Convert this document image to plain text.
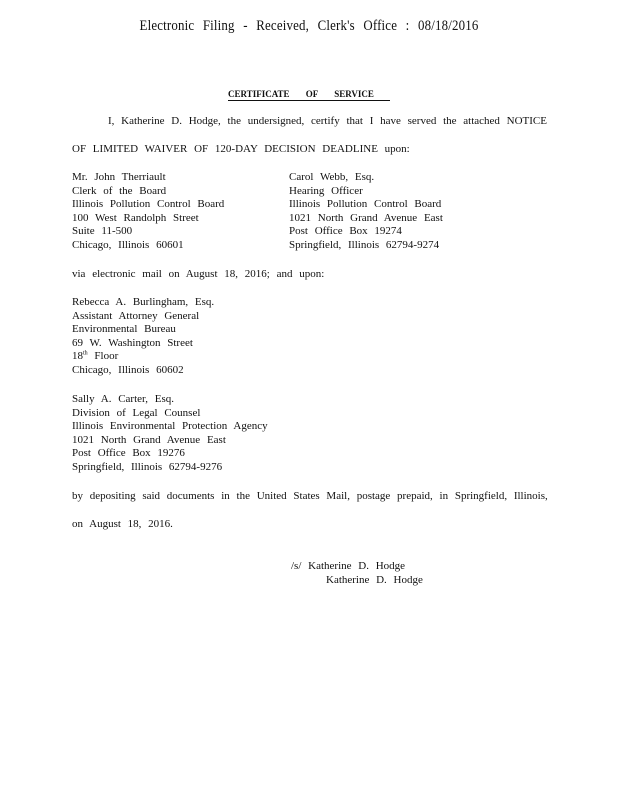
Electronic Filing - Received, Clerk's Office : 08/18/2016
CERTIFICATE OF SERVICE
I, Katherine D. Hodge, the undersigned, certify that I have served the attached NOTICE
OF LIMITED WAIVER OF 120-DAY DECISION DEADLINE upon:
Mr. John Therriault
Clerk of the Board
Illinois Pollution Control Board
100 West Randolph Street
Suite 11-500
Chicago, Illinois 60601
Carol Webb, Esq.
Hearing Officer
Illinois Pollution Control Board
1021 North Grand Avenue East
Post Office Box 19274
Springfield, Illinois 62794-9274
via electronic mail on August 18, 2016; and upon:
Rebecca A. Burlingham, Esq.
Assistant Attorney General
Environmental Bureau
69 W. Washington Street
18th Floor
Chicago, Illinois 60602
Sally A. Carter, Esq.
Division of Legal Counsel
Illinois Environmental Protection Agency
1021 North Grand Avenue East
Post Office Box 19276
Springfield, Illinois 62794-9276
by depositing said documents in the United States Mail, postage prepaid, in Springfield, Illinois,
on August 18, 2016.
/s/ Katherine D. Hodge
Katherine D. Hodge
